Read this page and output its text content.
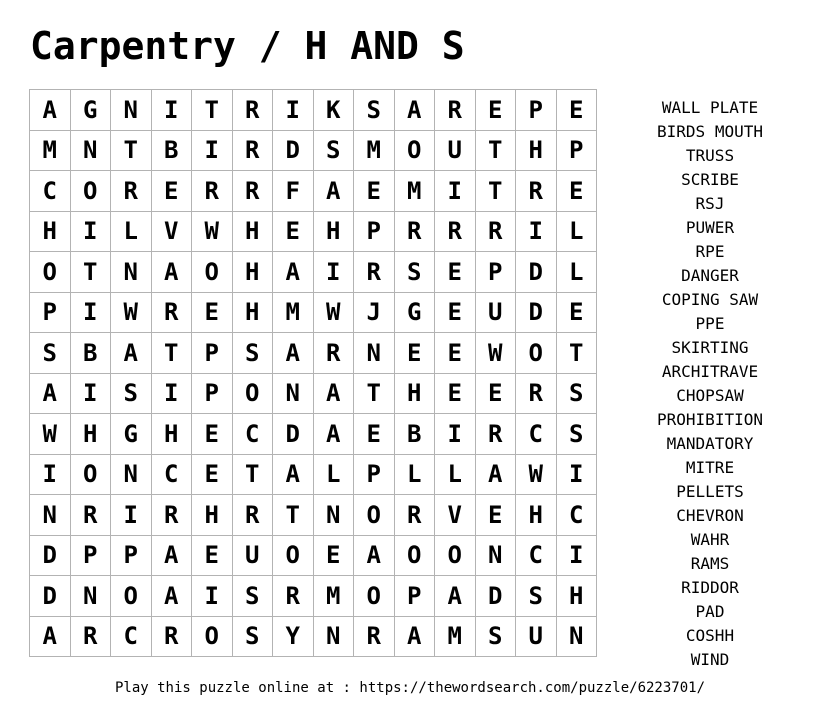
Carpentry / H AND S
A	G	N	I	T	R	I	K	S	A	R	E	P	E
M	N	T	B	I	R	D	S	M	O	U	T	H	P
C	O	R	E	R	R	F	A	E	M	I	T	R	E
H	I	L	V	W	H	E	H	P	R	R	R	I	L
O	T	N	A	O	H	A	I	R	S	E	P	D	L
P	I	W	R	E	H	M	W	J	G	E	U	D	E
S	B	A	T	P	S	A	R	N	E	E	W	O	T
A	I	S	I	P	O	N	A	T	H	E	E	R	S
W	H	G	H	E	C	D	A	E	B	I	R	C	S
I	O	N	C	E	T	A	L	P	L	L	A	W	I
N	R	I	R	H	R	T	N	O	R	V	E	H	C
D	P	P	A	E	U	O	E	A	O	O	N	C	I
D	N	O	A	I	S	R	M	O	P	A	D	S	H
A	R	C	R	O	S	Y	N	R	A	M	S	U	N
WALL PLATE
BIRDS MOUTH
TRUSS
SCRIBE
RSJ
PUWER
RPE
DANGER
COPING SAW
PPE
SKIRTING
ARCHITRAVE
CHOPSAW
PROHIBITION
MANDATORY
MITRE
PELLETS
CHEVRON
WAHR
RAMS
RIDDOR
PAD
COSHH
WIND
Play this puzzle online at : https://thewordsearch.com/puzzle/6223701/
